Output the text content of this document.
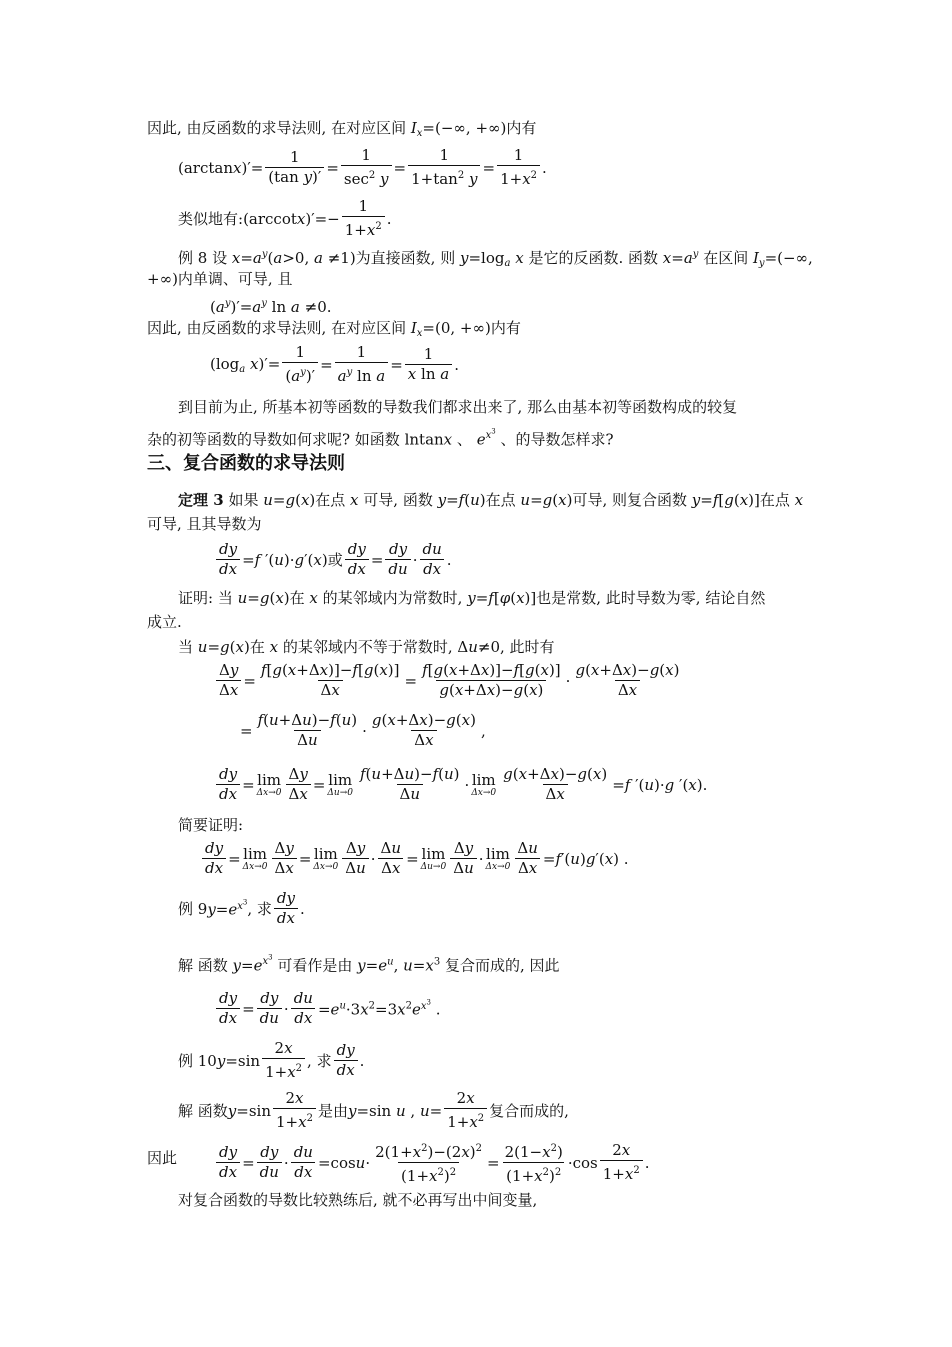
因此, 由反函数的求导法则, 在对应区间 $I_x=(-\infty$, +∞)内有
$(\arctan x)'= \frac{1}{\text{(tan y)′}} = \frac{1}{\sec^2 y} = \frac{1}{1+\tan^2 y} = \frac{1}{1+x^2}$ .
类似地有: $(arccotx)'=- \frac{1}{1+x^2}$ .
例 8 设 $x=a^y(a>0$, a ≠1)为直接函数, 则 $y=\log_a$ x 是它的反函数. 函数 $x=a^y$ 在区间 $I_y=(-\infty$,
+∞)内单调、可导, 且
$(a^y)'=a^y$ ln a ≠0.
因此, 由反函数的求导法则, 在对应区间 $I_x=(0$, +∞)内有
($\log_a$ $x)'= \frac{1}{(a^y)'} = \frac{1}{a^y \ln a} = \frac{1}{\text{x ln a}}$ .
到目前为止, 所基本初等函数的导数我们都求出来了, 那么由基本初等函数构成的较复
杂的初等函数的导数如何求呢? 如函数 lntanx 、 $e^{x^3}$ 、的导数怎样求?
三、复合函数的求导法则
定理 3 如果 u=g(x)在点 x 可导, 函数 y=f(u)在点 u=g(x)可导, 则复合函数 y=f[g(x)]在点 x
可导, 且其导数为
$\frac{dy}{dx} =f$ ′(u)·g′(x) 或 $\frac{dy}{dx} = \frac{dy}{du} \cdot \frac{du}{dx}$ .
证明: 当 u=g(x)在 x 的某邻域内为常数时, y=f[φ(x)]也是常数, 此时导数为零, 结论自然
成立.
当 u=g(x)在 x 的某邻域内不等于常数时, Δu≠0, 此时有
$\frac{\Delta y}{\Delta x} = \frac{f[g(x+\Delta x)]-f[g(x)]}{\Delta x} = \frac{f[g(x+\Delta x)]-f[g(x)]}{g(x+\Delta x)-g(x)} \cdot \frac{g(x+\Delta x)-g(x)}{\Delta x}$
= $\frac{f(u+\Delta u)-f(u)}{\Delta u} \cdot \frac{g(x+\Delta x)-g(x)}{\Delta x}$ ,
$\frac{dy}{dx} = \lim$
$\Delta x\to 0 \frac{\Delta y}{\Delta x} = \lim$
$\Delta u\to 0 \frac{f(u+\Delta u)-f(u)}{\Delta u} \cdot \lim$
$\Delta x\to 0 \frac{g(x+\Delta x)-g(x)}{\Delta x} =f$ ′(u)·g ′(x).
简要证明:
$\frac{dy}{dx} = \lim$
$\Delta x\to 0 \frac{\Delta y}{\Delta x} = \lim$
$\Delta x\to 0 \frac{\Delta y}{\Delta u} \cdot \frac{\Delta u}{\Delta x} = \lim$
$\Delta u\to 0 \frac{\Delta y}{\Delta u} \cdot \lim$
$\Delta x\to 0 \frac{\Delta u}{\Delta x} =f'(u)g'(x)$ .
例 9 $y=e^{x^3}$ , 求 $\frac{dy}{dx}$ .
解 函数 $y=e^{x^3}$ 可看作是由 $y=e^u$, $u=x^3$ 复合而成的, 因此
$\frac{dy}{dx} = \frac{dy}{du} \cdot \frac{du}{dx} =e^u\cdot 3x^2=3x^2e^{x^3}$ .
例 10 $y=\sin \frac{2x}{1+x^2}$ , 求 $\frac{dy}{dx}$ .
解 函数 $y=\sin \frac{2x}{1+x^2}$ 是由 y=sin u , $u= \frac{2x}{1+x^2}$ 复合而成的,
因此	$\frac{dy}{dx} = \frac{dy}{du} \cdot \frac{du}{dx} =\cos u\cdot \frac{2(1+x^2)-(2x)^2}{(1+x^2)^2} = \frac{2(1-x^2)}{(1+x^2)^2} \cdot\cos \frac{2x}{1+x^2}$ .
对复合函数的导数比较熟练后, 就不必再写出中间变量,
